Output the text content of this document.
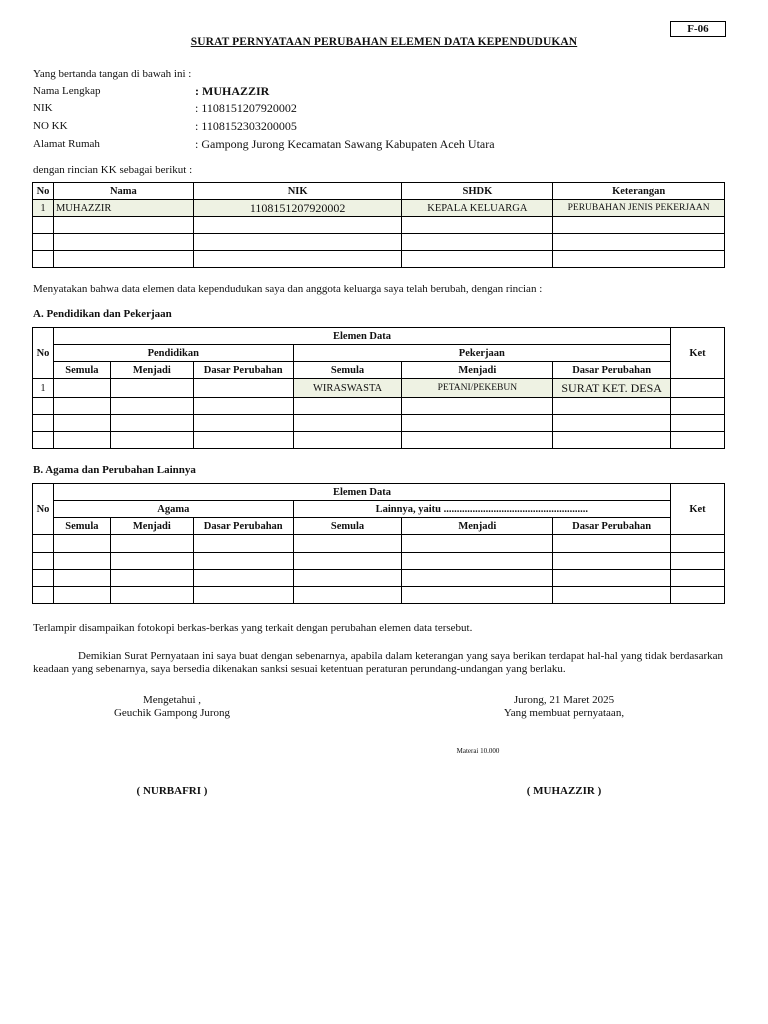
F-06
SURAT PERNYATAAN PERUBAHAN ELEMEN DATA KEPENDUDUKAN
Yang bertanda tangan di bawah ini :
Nama Lengkap	: MUHAZZIR
NIK	: 1108151207920002
NO KK	: 1108152303200005
Alamat Rumah	: Gampong Jurong Kecamatan Sawang Kabupaten Aceh Utara
dengan rincian KK sebagai berikut :
No	Nama	NIK	SHDK	Keterangan
1	MUHAZZIR	1108151207920002	KEPALA KELUARGA	PERUBAHAN JENIS PEKERJAAN

Menyatakan bahwa data elemen data kependudukan saya dan anggota keluarga saya telah berubah, dengan rincian :
A. Pendidikan dan Pekerjaan
No	Elemen Data						Ket
	Pendidikan			Pekerjaan			
	Semula	Menjadi	Dasar Perubahan	Semula	Menjadi	Dasar Perubahan	
1				WIRASWASTA	PETANI/PEKEBUN	SURAT KET. DESA	

B. Agama dan Perubahan Lainnya
No	Elemen Data						Ket
	Agama			Lainnya, yaitu .......................................................			
	Semula	Menjadi	Dasar Perubahan	Semula	Menjadi	Dasar Perubahan	

Terlampir disampaikan fotokopi berkas-berkas yang terkait dengan perubahan elemen data tersebut.
Demikian Surat Pernyataan ini saya buat dengan sebenarnya, apabila dalam keterangan yang saya berikan terdapat hal-hal yang tidak berdasarkan keadaan yang sebenarnya, saya bersedia dikenakan sanksi sesuai ketentuan peraturan perundang-undangan yang berlaku.
Mengetahui ,
Geuchik Gampong Jurong
Jurong, 21 Maret 2025
Yang membuat pernyataan,
Materai 10.000
( NURBAFRI )	( MUHAZZIR )
